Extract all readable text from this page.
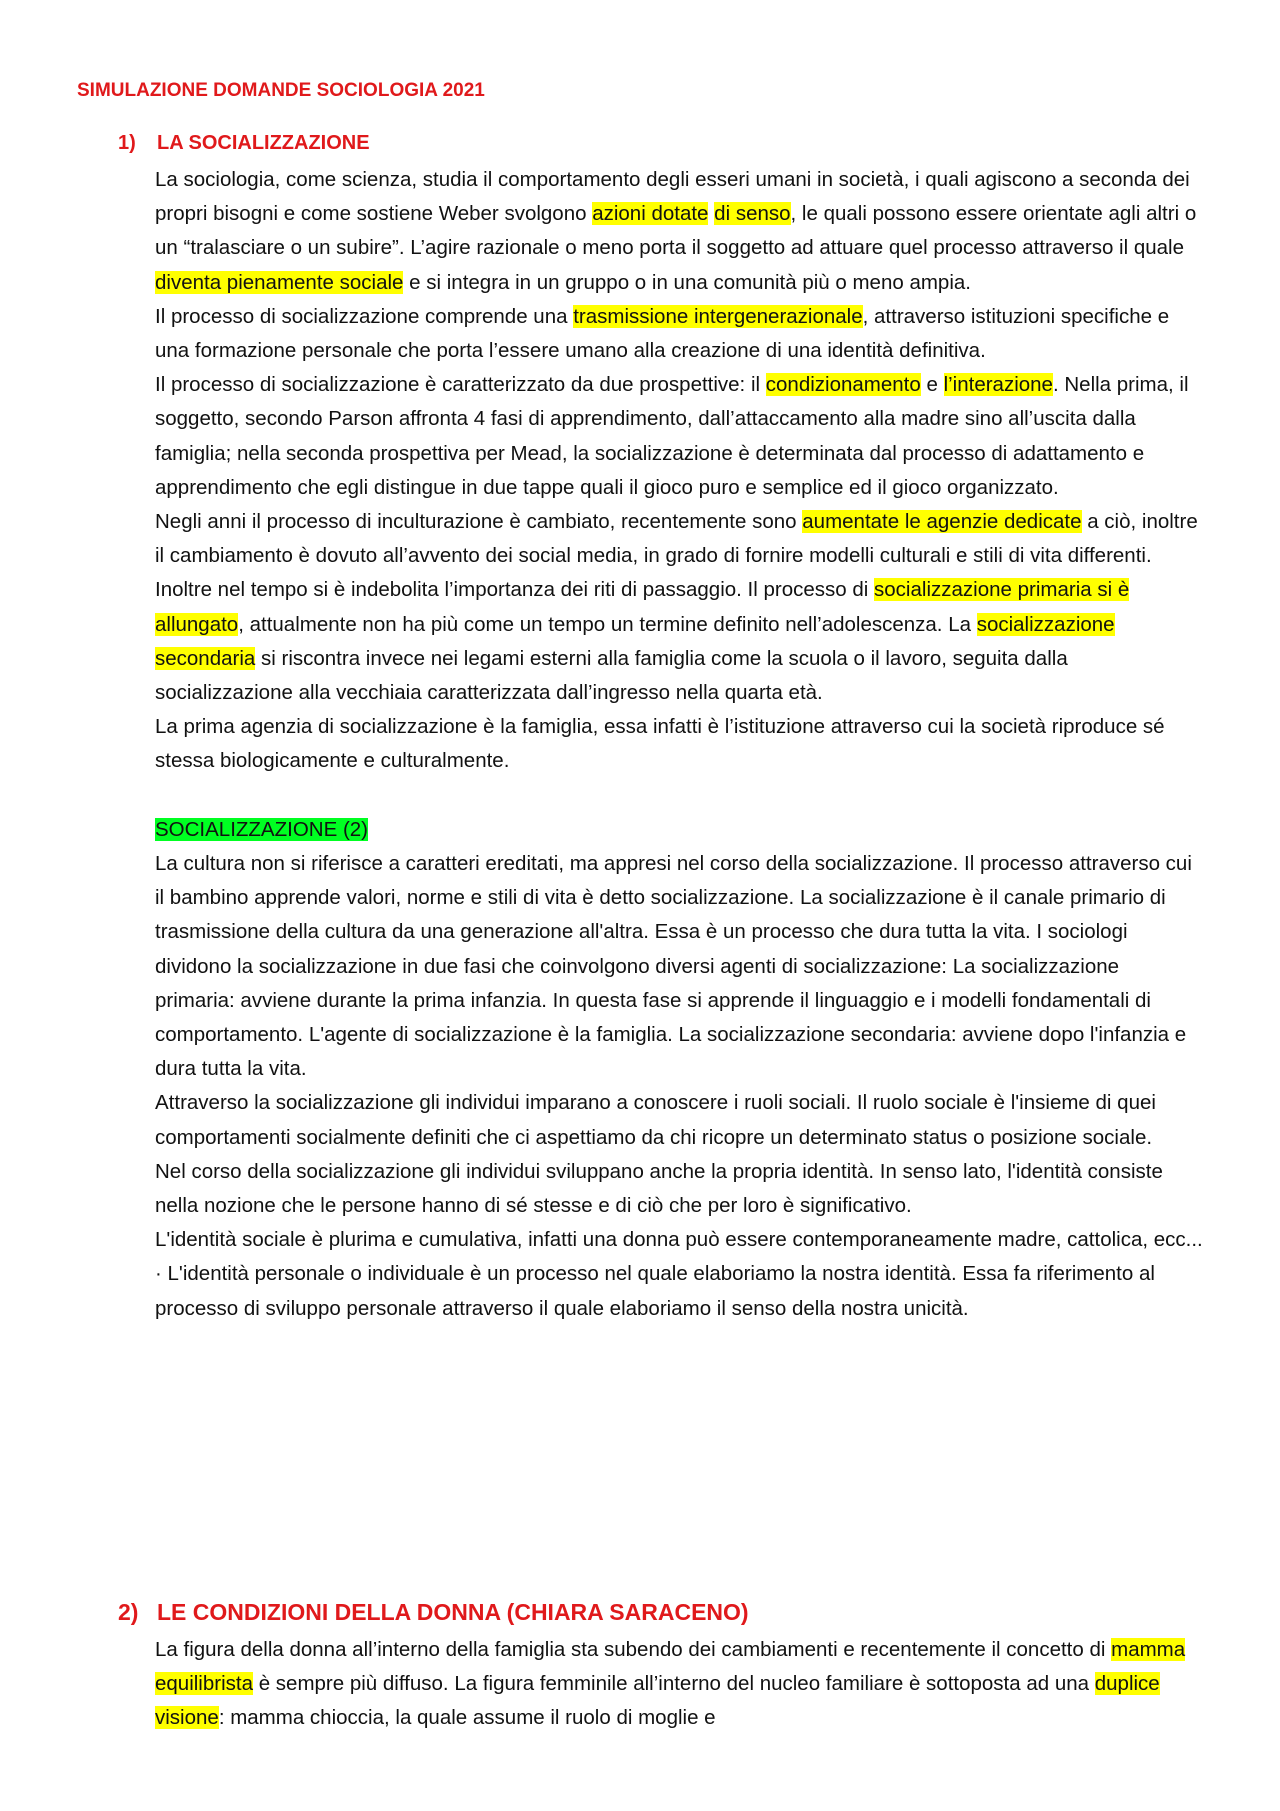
SIMULAZIONE DOMANDE SOCIOLOGIA 2021
1) LA SOCIALIZZAZIONE

La sociologia, come scienza, studia il comportamento degli esseri umani in società, i quali agiscono a seconda dei propri bisogni e come sostiene Weber svolgono azioni dotate di senso, le quali possono essere orientate agli altri o un “tralasciare o un subire”. L’agire razionale o meno porta il soggetto ad attuare quel processo attraverso il quale diventa pienamente sociale e si integra in un gruppo o in una comunità più o meno ampia.

Il processo di socializzazione comprende una trasmissione intergenerazionale, attraverso istituzioni specifiche e una formazione personale che porta l’essere umano alla creazione di una identità definitiva.

Il processo di socializzazione è caratterizzato da due prospettive: il condizionamento e l’interazione. Nella prima, il soggetto, secondo Parson affronta 4 fasi di apprendimento, dall’attaccamento alla madre sino all’uscita dalla famiglia; nella seconda prospettiva per Mead, la socializzazione è determinata dal processo di adattamento e apprendimento che egli distingue in due tappe quali il gioco puro e semplice ed il gioco organizzato.

Negli anni il processo di inculturazione è cambiato, recentemente sono aumentate le agenzie dedicate a ciò, inoltre il cambiamento è dovuto all’avvento dei social media, in grado di fornire modelli culturali e stili di vita differenti. Inoltre nel tempo si è indebolita l’importanza dei riti di passaggio. Il processo di socializzazione primaria si è allungato, attualmente non ha più come un tempo un termine definito nell’adolescenza. La socializzazione secondaria si riscontra invece nei legami esterni alla famiglia come la scuola o il lavoro, seguita dalla socializzazione alla vecchiaia caratterizzata dall’ingresso nella quarta età.

La prima agenzia di socializzazione è la famiglia, essa infatti è l’istituzione attraverso cui la società riproduce sé stessa biologicamente e culturalmente.

SOCIALIZZAZIONE (2)

La cultura non si riferisce a caratteri ereditati, ma appresi nel corso della socializzazione. Il processo attraverso cui il bambino apprende valori, norme e stili di vita è detto socializzazione. La socializzazione è il canale primario di trasmissione della cultura da una generazione all'altra. Essa è un processo che dura tutta la vita. I sociologi dividono la socializzazione in due fasi che coinvolgono diversi agenti di socializzazione: La socializzazione primaria: avviene durante la prima infanzia. In questa fase si apprende il linguaggio e i modelli fondamentali di comportamento. L'agente di socializzazione è la famiglia. La socializzazione secondaria: avviene dopo l'infanzia e dura tutta la vita.

Attraverso la socializzazione gli individui imparano a conoscere i ruoli sociali. Il ruolo sociale è l'insieme di quei comportamenti socialmente definiti che ci aspettiamo da chi ricopre un determinato status o posizione sociale.

Nel corso della socializzazione gli individui sviluppano anche la propria identità. In senso lato, l'identità consiste nella nozione che le persone hanno di sé stesse e di ciò che per loro è significativo.

L'identità sociale è plurima e cumulativa, infatti una donna può essere contemporaneamente madre, cattolica, ecc... · L'identità personale o individuale è un processo nel quale elaboriamo la nostra identità. Essa fa riferimento al processo di sviluppo personale attraverso il quale elaboriamo il senso della nostra unicità.

2) LE CONDIZIONI DELLA DONNA (CHIARA SARACENO)

La figura della donna all’interno della famiglia sta subendo dei cambiamenti e recentemente il concetto di mamma equilibrista è sempre più diffuso. La figura femminile all’interno del nucleo familiare è sottoposta ad una duplice visione: mamma chioccia, la quale assume il ruolo di moglie e
